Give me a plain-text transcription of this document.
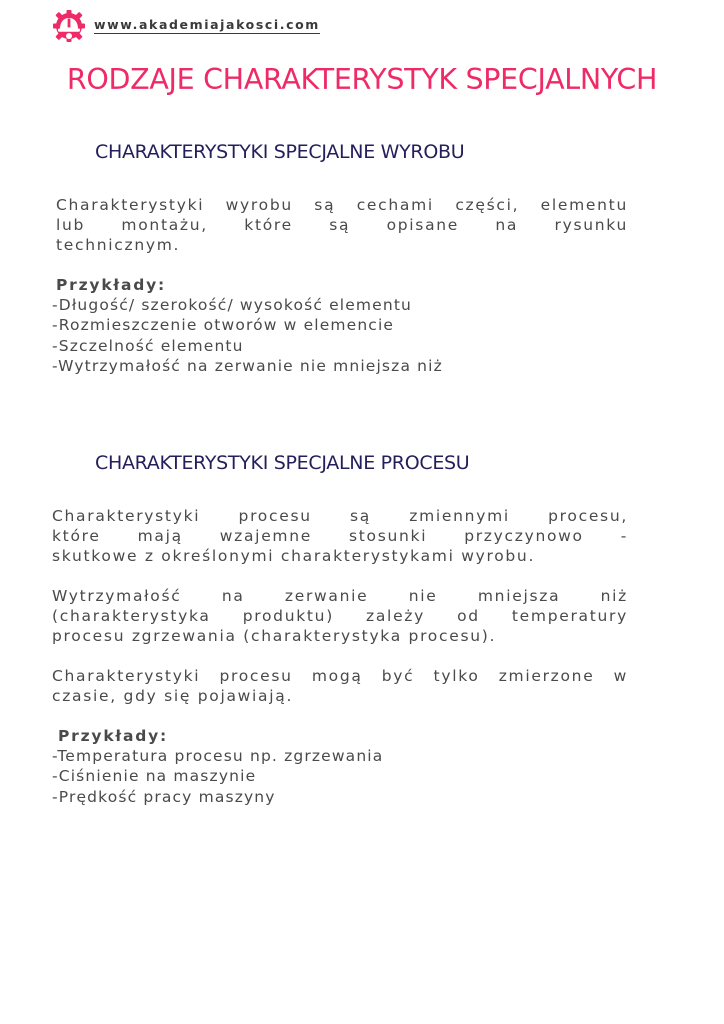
www.akademiajakosci.com
RODZAJE CHARAKTERYSTYK SPECJALNYCH
CHARAKTERYSTYKI SPECJALNE WYROBU

Charakterystyki wyrobu są cechami części, elementu
lub montażu, które są opisane na rysunku
technicznym.

Przykłady:

-Długość/ szerokość/ wysokość elementu
-Rozmieszczenie otworów w elemencie
-Szczelność elementu
-Wytrzymałość na zerwanie nie mniejsza niż
CHARAKTERYSTYKI SPECJALNE PROCESU

Charakterystyki procesu są zmiennymi procesu,
które mają wzajemne stosunki przyczynowo -
skutkowe z określonymi charakterystykami wyrobu.

Wytrzymałość na zerwanie nie mniejsza niż
(charakterystyka produktu) zależy od temperatury
procesu zgrzewania (charakterystyka procesu).

Charakterystyki procesu mogą być tylko zmierzone w
czasie, gdy się pojawiają.

Przykłady:

-Temperatura procesu np. zgrzewania
-Ciśnienie na maszynie
-Prędkość pracy maszyny
